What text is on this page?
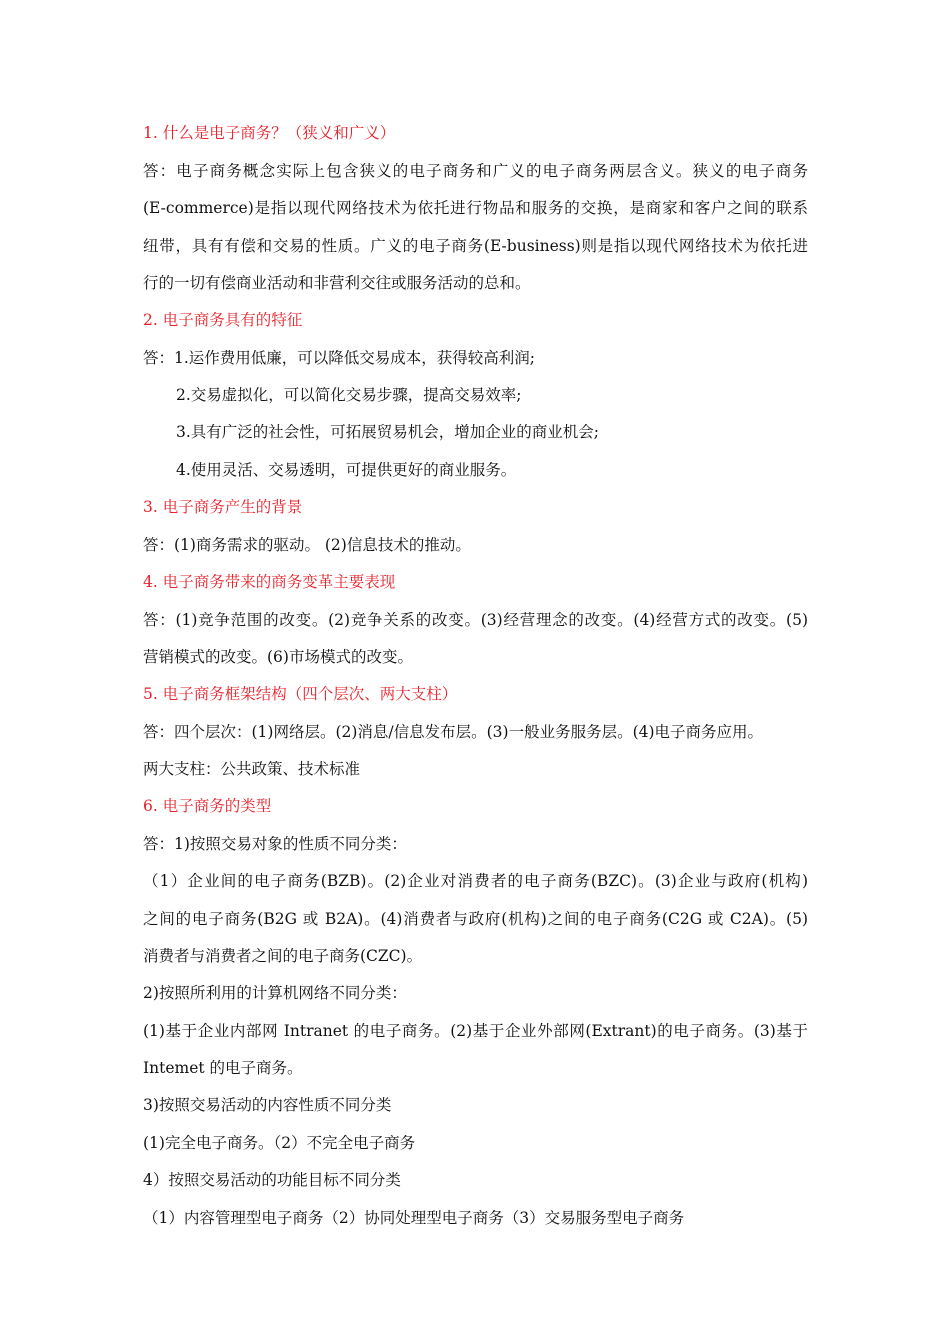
1. 什么是电子商务？（狭义和广义）
答：电子商务概念实际上包含狭义的电子商务和广义的电子商务两层含义。狭义的电子商务
(E-commerce)是指以现代网络技术为依托进行物品和服务的交换，是商家和客户之间的联系
纽带，具有有偿和交易的性质。广义的电子商务(E-business)则是指以现代网络技术为依托进
行的一切有偿商业活动和非营利交往或服务活动的总和。
2. 电子商务具有的特征
答：1.运作费用低廉，可以降低交易成本，获得较高利润;
2.交易虚拟化，可以简化交易步骤，提高交易效率;
3.具有广泛的社会性，可拓展贸易机会，增加企业的商业机会;
4.使用灵活、交易透明，可提供更好的商业服务。
3. 电子商务产生的背景
答：(1)商务需求的驱动。 (2)信息技术的推动。
4. 电子商务带来的商务变革主要表现
答：(1)竞争范围的改变。(2)竞争关系的改变。(3)经营理念的改变。(4)经营方式的改变。(5)
营销模式的改变。(6)市场模式的改变。
5. 电子商务框架结构（四个层次、两大支柱）
答：四个层次：(1)网络层。(2)消息/信息发布层。(3)一般业务服务层。(4)电子商务应用。
两大支柱：公共政策、技术标准
6. 电子商务的类型
答：1)按照交易对象的性质不同分类：
（1）企业间的电子商务(BZB)。(2)企业对消费者的电子商务(BZC)。(3)企业与政府(机构)
之间的电子商务(B2G 或 B2A)。(4)消费者与政府(机构)之间的电子商务(C2G 或 C2A)。(5)
消费者与消费者之间的电子商务(CZC)。
2)按照所利用的计算机网络不同分类：
(1)基于企业内部网 Intranet 的电子商务。(2)基于企业外部网(Extrant)的电子商务。(3)基于
Intemet 的电子商务。
3)按照交易活动的内容性质不同分类
(1)完全电子商务。（2）不完全电子商务
4）按照交易活动的功能目标不同分类
（1）内容管理型电子商务（2）协同处理型电子商务（3）交易服务型电子商务
